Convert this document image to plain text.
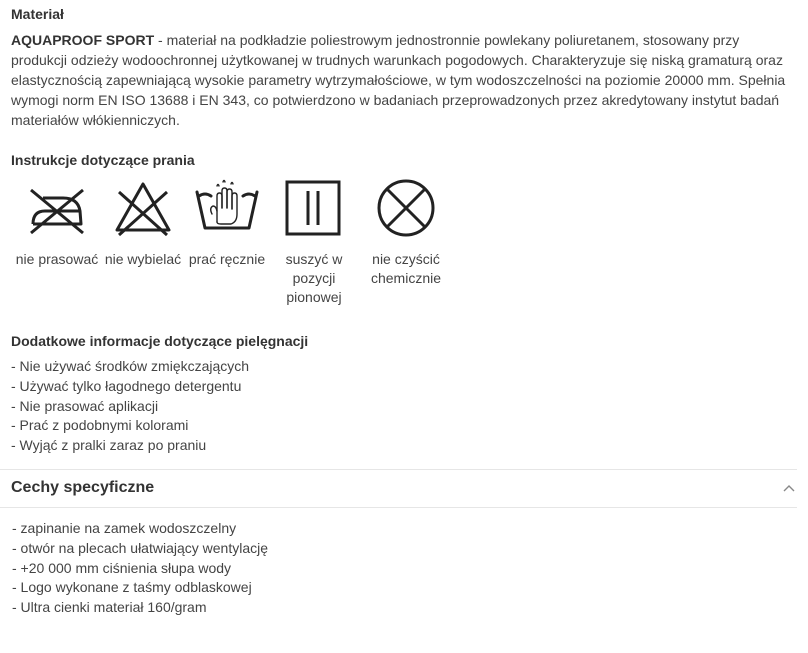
Materiał
AQUAPROOF SPORT - materiał na podkładzie poliestrowym jednostronnie powlekany poliuretanem, stosowany przy produkcji odzieży wodoochronnej użytkowanej w trudnych warunkach pogodowych. Charakteryzuje się niską gramaturą oraz elastycznością zapewniającą wysokie parametry wytrzymałościowe, w tym wodoszczelności na poziomie 20000 mm. Spełnia wymogi norm EN ISO 13688 i EN 343, co potwierdzono w badaniach przeprowadzonych przez akredytowany instytut badań materiałów włókienniczych.
Instrukcje dotyczące prania
nie prasować nie wybielać prać ręcznie	suszyć w pozycji pionowej
nie czyścić chemicznie
Dodatkowe informacje dotyczące pielęgnacji
- Nie używać środków zmiękczających
- Używać tylko łagodnego detergentu
- Nie prasować aplikacji
- Prać z podobnymi kolorami
- Wyjąć z pralki zaraz po praniu
Cechy specyficzne
- zapinanie na zamek wodoszczelny
- otwór na plecach ułatwiający wentylację
- +20 000 mm ciśnienia słupa wody
- Logo wykonane z taśmy odblaskowej
- Ultra cienki materiał 160/gram
